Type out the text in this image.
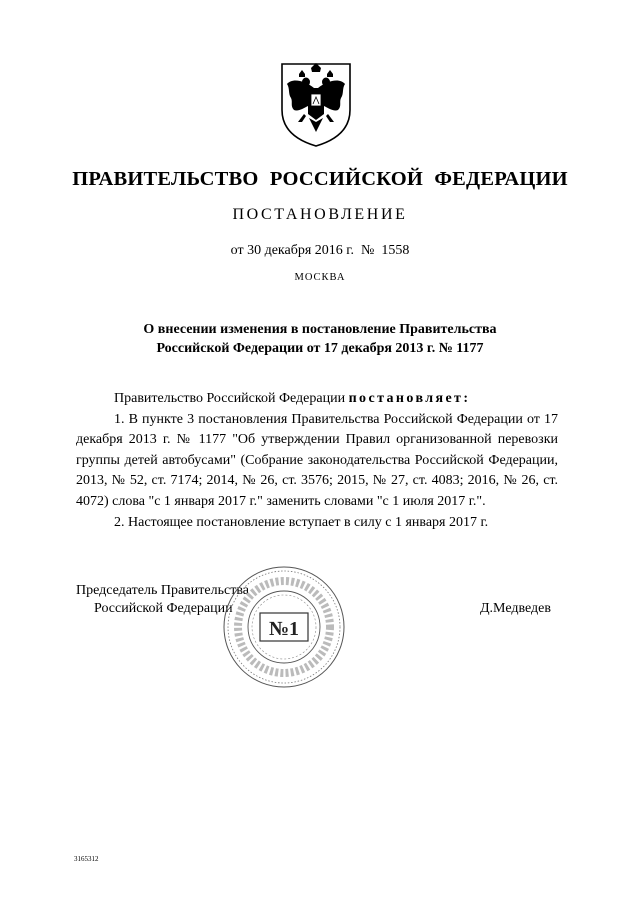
ПРАВИТЕЛЬСТВО РОССИЙСКОЙ ФЕДЕРАЦИИ
ПОСТАНОВЛЕНИЕ
от 30 декабря 2016 г.  №  1558
МОСКВА
О внесении изменения в постановление Правительства
Российской Федерации от 17 декабря 2013 г. № 1177

Правительство Российской Федерации постановляет:

1. В пункте 3 постановления Правительства Российской Федерации от 17 декабря 2013 г. № 1177 "Об утверждении Правил организованной перевозки группы детей автобусами" (Собрание законодательства Российской Федерации, 2013, № 52, ст. 7174; 2014, № 26, ст. 3576; 2015, № 27, ст. 4083; 2016, № 26, ст. 4072) слова "с 1 января 2017 г." заменить словами "с 1 июля 2017 г.".

2. Настоящее постановление вступает в силу с 1 января 2017 г.

Председатель Правительства
Российской Федерации	Д.Медведев
№1
3165312
